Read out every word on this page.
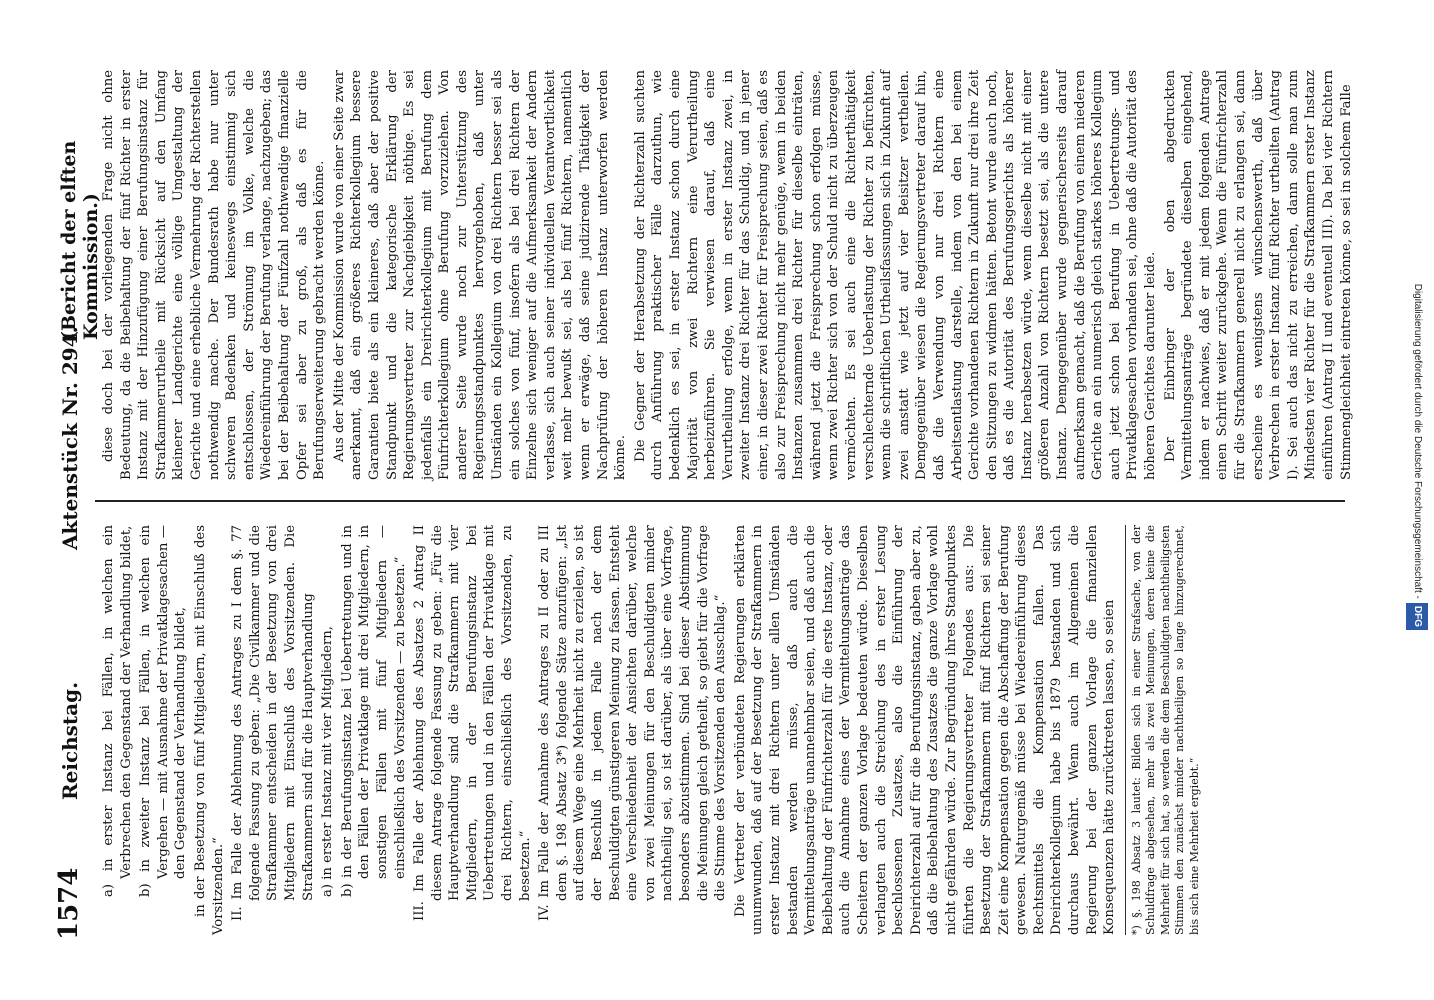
1574
Reichstag.
Aktenstück Nr. 294.
(Bericht der elften Kommission.)
a) in erster Instanz bei Fällen, in welchen ein Verbrechen den Gegenstand der Verhandlung bildet, b) in zweiter Instanz bei Fällen, in welchen ein Vergehen — mit Ausnahme der Privatklagesachen — den Gegenstand der Verhandlung bildet, in der Besetzung von fünf Mitgliedern, mit Einschluß des Vorsitzenden.“ II. Im Falle der Ablehnung des Antrages zu I dem §. 77 folgende Fassung zu geben: „Die Civilkammer und die Strafkammer entscheiden in der Besetzung von drei Mitgliedern mit Einschluß des Vorsitzenden. Die Strafkammern sind für die Hauptverhandlung a) in erster Instanz mit vier Mitgliedern, b) in der Berufungsinstanz bei Uebertretungen und in den Fällen der Privatklage mit drei Mitgliedern, in sonstigen Fällen mit fünf Mitgliedern — einschließlich des Vorsitzenden — zu besetzen.“ III. Im Falle der Ablehnung des Absatzes 2 Antrag II diesem Antrage folgende Fassung zu geben: „Für die Hauptverhandlung sind die Strafkammern mit vier Mitgliedern, in der Berufungsinstanz bei Uebertretungen und in den Fällen der Privatklage mit drei Richtern, einschließlich des Vorsitzenden, zu besetzen.“ IV. Im Falle der Annahme des Antrages zu II oder zu III dem §. 198 Absatz 3*) folgende Sätze anzufügen: „Ist auf diesem Wege eine Mehrheit nicht zu erzielen, so ist der Beschluß in jedem Falle nach der dem Beschuldigten günstigeren Meinung zu fassen. Entsteht eine Verschiedenheit der Ansichten darüber, welche von zwei Meinungen für den Beschuldigten minder nachtheilig sei, so ist darüber, als über eine Vorfrage, besonders abzustimmen. Sind bei dieser Abstimmung die Meinungen gleich getheilt, so giebt für die Vorfrage die Stimme des Vorsitzenden den Ausschlag.“ Die Vertreter der verbündeten Regierungen erklärten unumwunden, daß auf der Besetzung der Strafkammern in erster Instanz mit drei Richtern unter allen Umständen bestanden werden müsse, daß auch die Vermittelungsanträge unannehmbar seien, und daß auch die Beibehaltung der Fünfrichterzahl für die erste Instanz, oder auch die Annahme eines der Vermittelungsanträge das Scheitern der ganzen Vorlage bedeuten würde. Dieselben verlangten auch die Streichung des in erster Lesung beschlossenen Zusatzes, also die Einführung der Dreirichterzahl auf für die Berufungsinstanz, gaben aber zu, daß die Beibehaltung des Zusatzes die ganze Vorlage wohl nicht gefährden würde. Zur Begründung ihres Standpunktes führten die Regierungsvertreter Folgendes aus: Die Besetzung der Strafkammern mit fünf Richtern sei seiner Zeit eine Kompensation gegen die Abschaffung der Berufung gewesen. Naturgemäß müsse bei Wiedereinführung dieses Rechtsmittels die Kompensation fallen. Das Dreirichterkollegium habe bis 1879 bestanden und sich durchaus bewährt. Wenn auch im Allgemeinen die Regierung bei der ganzen Vorlage die finanziellen Konsequenzen hätte zurücktreten lassen, so seien	*) §. 198 Absatz 3 lautet: Bilden sich in einer Strafsache, von der Schuldfrage abgesehen, mehr als zwei Meinungen, deren keine die Mehrheit für sich hat, so werden die dem Beschuldigten nachtheiligsten Stimmen den zunächst minder nachtheiligen so lange hinzugerechnet, bis sich eine Mehrheit ergiebt.“

diese doch bei der vorliegenden Frage nicht ohne Bedeutung, da die Beibehaltung der fünf Richter in erster Instanz mit der Hinzufügung einer Berufungsinstanz für Strafkammerurtheile mit Rücksicht auf den Umfang kleinerer Landgerichte eine völlige Umgestaltung der Gerichte und eine erhebliche Vermehrung der Richterstellen nothwendig mache. Der Bundesrath habe nur unter schweren Bedenken und keineswegs einstimmig sich entschlossen, der Strömung im Volke, welche die Wiedereinführung der Berufung verlange, nachzugeben; das bei der Beibehaltung der Fünfzahl nothwendige finanzielle Opfer sei aber zu groß, als daß es für die Berufungserweiterung gebracht werden könne. Aus der Mitte der Kommission wurde von einer Seite zwar anerkannt, daß ein größeres Richterkollegium bessere Garantien biete als ein kleineres, daß aber der positive Standpunkt und die kategorische Erklärung der Regierungsvertreter zur Nachgiebigkeit nöthige. Es sei jedenfalls ein Dreirichterkollegium mit Berufung dem Fünfrichterkollegium ohne Berufung vorzuziehen. Von anderer Seite wurde noch zur Unterstützung des Regierungsstandpunktes hervorgehoben, daß unter Umständen ein Kollegium von drei Richtern besser sei als ein solches von fünf, insofern als bei drei Richtern der Einzelne sich weniger auf die Aufmerksamkeit der Andern verlasse, sich auch seiner individuellen Verantwortlichkeit weit mehr bewußt sei, als bei fünf Richtern, namentlich wenn er erwäge, daß seine judizirende Thätigkeit der Nachprüfung der höheren Instanz unterworfen werden könne. Die Gegner der Herabsetzung der Richterzahl suchten durch Anführung praktischer Fälle darzuthun, wie bedenklich es sei, in erster Instanz schon durch eine Majorität von zwei Richtern eine Verurtheilung herbeizuführen. Sie verwiesen darauf, daß eine Verurtheilung erfolge, wenn in erster Instanz zwei, in zweiter Instanz drei Richter für das Schuldig, und in jener einer, in dieser zwei Richter für Freisprechung seien, daß es also zur Freisprechung nicht mehr genüge, wenn in beiden Instanzen zusammen drei Richter für dieselbe einträten, während jetzt die Freisprechung schon erfolgen müsse, wenn zwei Richter sich von der Schuld nicht zu überzeugen vermöchten. Es sei auch eine die Richterthätigkeit verschlechternde Ueberlastung der Richter zu befürchten, wenn die schriftlichen Urtheilsfassungen sich in Zukunft auf zwei anstatt wie jetzt auf vier Beisitzer vertheilen. Demgegenüber wiesen die Regierungsvertreter darauf hin, daß die Verwendung von nur drei Richtern eine Arbeitsentlastung darstelle, indem von den bei einem Gerichte vorhandenen Richtern in Zukunft nur drei ihre Zeit den Sitzungen zu widmen hätten. Betont wurde auch noch, daß es die Autorität des Berufungsgerichts als höherer Instanz herabsetzen würde, wenn dieselbe nicht mit einer größeren Anzahl von Richtern besetzt sei, als die untere Instanz. Demgegenüber wurde gegnerischerseits darauf aufmerksam gemacht, daß die Berufung von einem niederen Gerichte an ein numerisch gleich starkes höheres Kollegium auch jetzt schon bei Berufung in Uebertretungs- und Privatklagesachen vorhanden sei, ohne daß die Autorität des höheren Gerichtes darunter leide. Der Einbringer der oben abgedruckten Vermittelungsanträge begründete dieselben eingehend, indem er nachwies, daß er mit jedem folgenden Antrage einen Schritt weiter zurückgehe. Wenn die Fünfrichterzahl für die Strafkammern generell nicht zu erlangen sei, dann erscheine es wenigstens wünschenswerth, daß über Verbrechen in erster Instanz fünf Richter urtheilten (Antrag I). Sei auch das nicht zu erreichen, dann solle man zum Mindesten vier Richter für die Strafkammern erster Instanz einführen (Antrag II und eventuell III). Da bei vier Richtern Stimmengleichheit eintreten könne, so sei in solchem Falle	Digitalisierung gefördert durch die Deutsche Forschungsgemeinschaft -DFG
